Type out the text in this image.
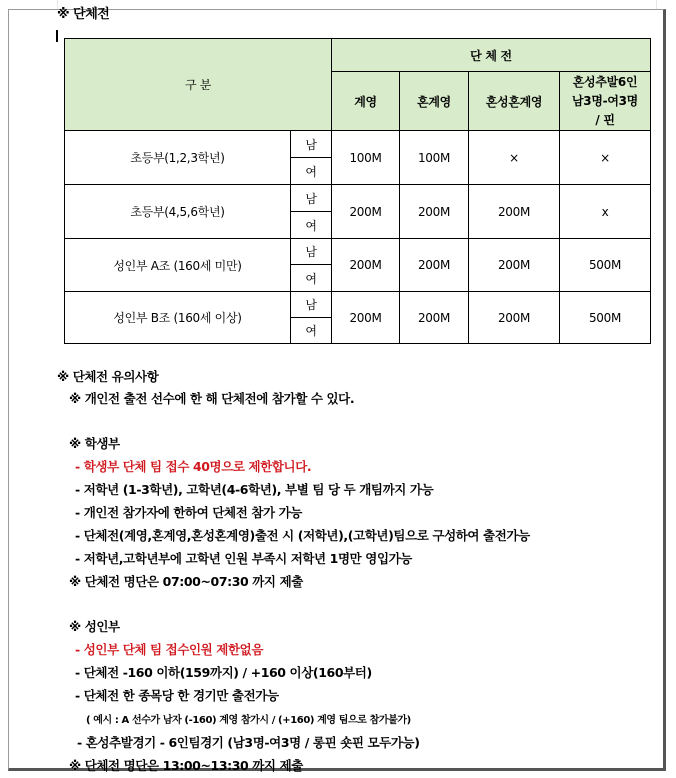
※ 단체전
구 분		단 체 전			
		계영	혼계영	혼성혼계영	혼성추발6인
남3명-여3명
/ 핀

초등부(1,2,3학년)	남	100M	100M	×	×
	여				
초등부(4,5,6학년)	남	200M	200M	200M	x
	여				
성인부 A조 (160세 미만)	남	200M	200M	200M	500M
	여				
성인부 B조 (160세 이상)	남	200M	200M	200M	500M
	여				
※ 단체전 유의사항
※ 개인전 출전 선수에 한 해 단체전에 참가할 수 있다.
※ 학생부
- 학생부 단체 팀 접수 40명으로 제한합니다.
- 저학년 (1-3학년), 고학년(4-6학년), 부별 팀 당 두 개팀까지 가능
- 개인전 참가자에 한하여 단체전 참가 가능
- 단체전(계영,혼계영,혼성혼계영)출전 시 (저학년),(고학년)팀으로 구성하여 출전가능
- 저학년,고학년부에 고학년 인원 부족시 저학년 1명만 영입가능
※ 단체전 명단은 07:00~07:30 까지 제출
※ 성인부
- 성인부 단체 팀 접수인원 제한없음
- 단체전 -160 이하(159까지) / +160 이상(160부터)
- 단체전 한 종목당 한 경기만 출전가능
( 예시 : A 선수가 남자 (-160) 계영 참가시 / (+160) 계영 팀으로 참가불가)
- 혼성추발경기 - 6인팀경기 (남3명-여3명 / 롱핀 숏핀 모두가능)
※ 단체전 명단은 13:00~13:30 까지 제출
